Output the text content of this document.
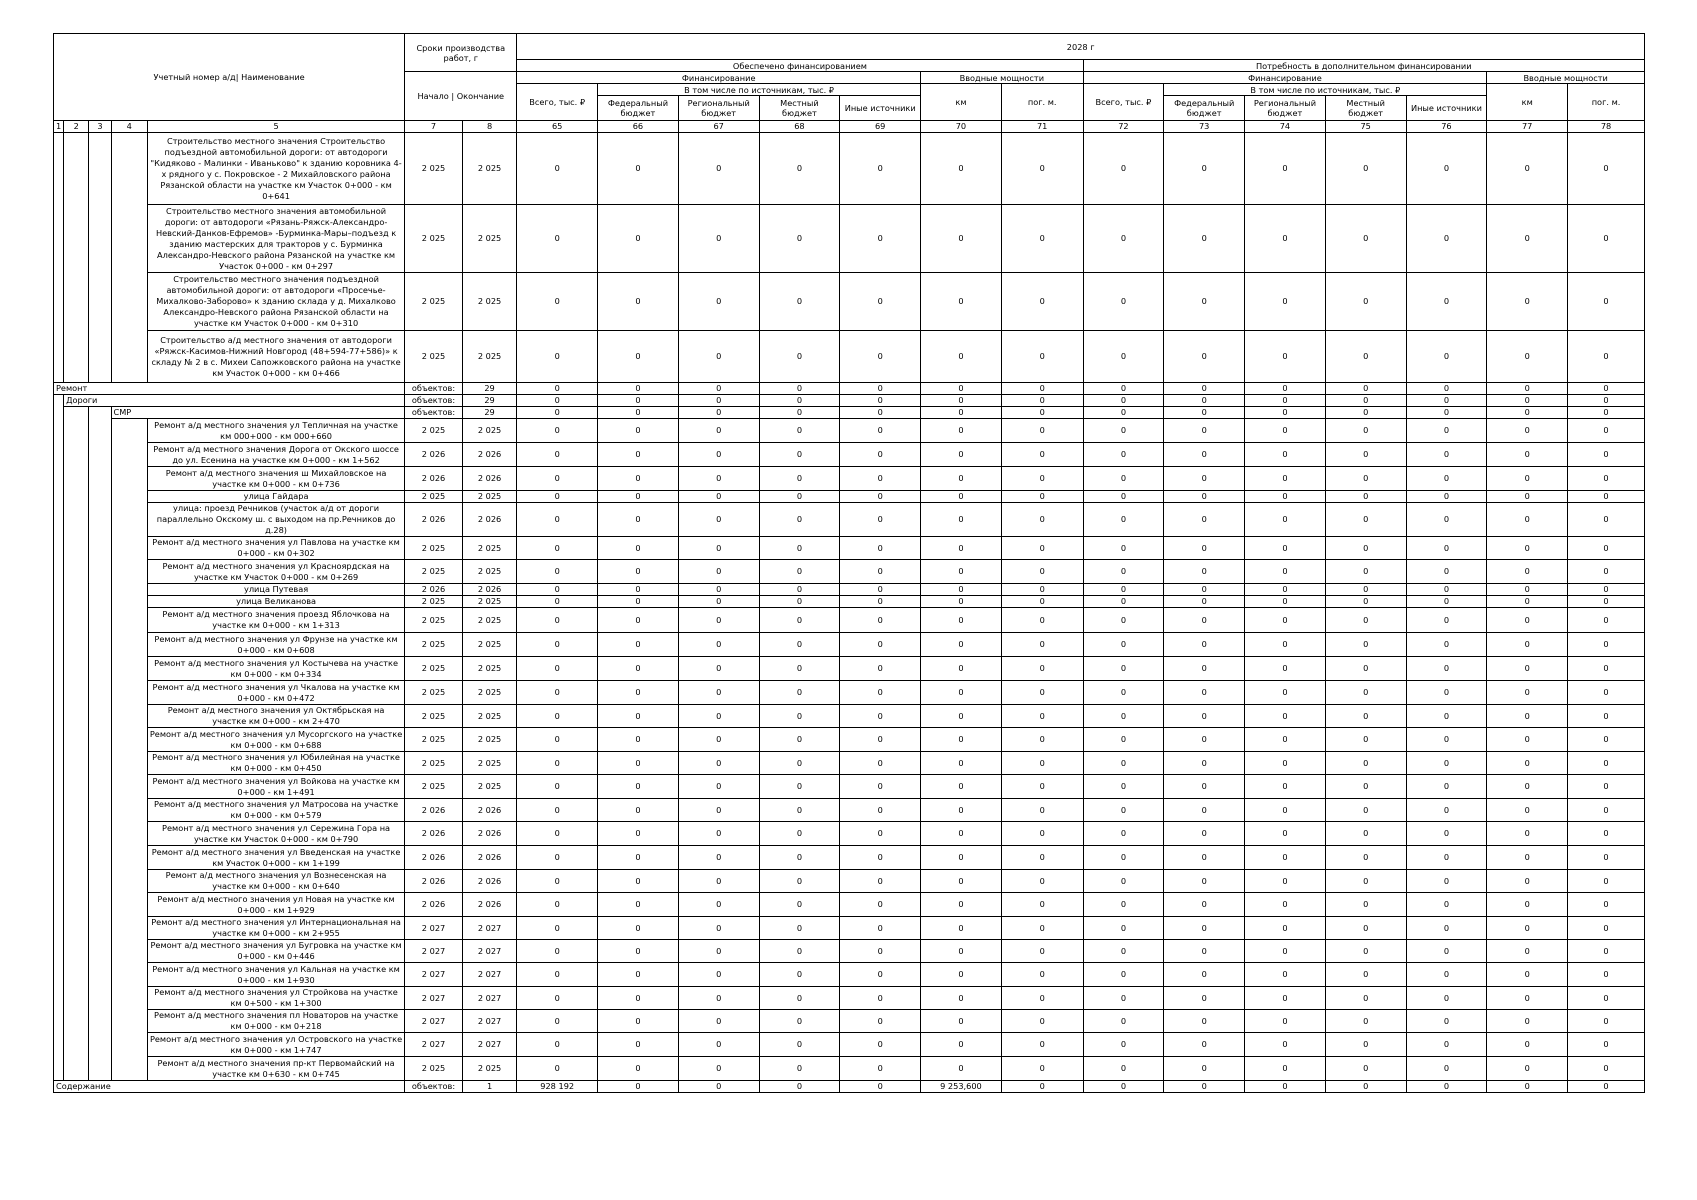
Учетный номер а/д| Наименование					Сроки производства работ, г		2028 г													
							Обеспечено финансированием							Потребность в дополнительном финансировании						
					Начало | Окончание		Финансирование					Вводные мощности		Финансирование					Вводные мощности	
							Всего, тыс. ₽	В том числе по источникам, тыс. ₽				км	пог. м.	Всего, тыс. ₽	В том числе по источникам, тыс. ₽				км	пог. м.
								Федеральный бюджет	Региональный бюджет	Местный бюджет	Иные источники				Федеральный бюджет	Региональный бюджет	Местный бюджет	Иные источники		

1	2	3	4	5	7	8	65	66	67	68	69	70	71	72	73	74	75	76	77	78
				Строительство местного значения Строительство подъездной автомобильной дороги: от автодороги "Кидяково - Малинки - Иваньково" к зданию коровника 4-х рядного у с. Покровское - 2 Михайловского района Рязанской области на участке км Участок 0+000 - км 0+641	2 025	2 025	0	0	0	0	0	0	0	0	0	0	0	0	0	0
				Строительство местного значения автомобильной дороги: от автодороги «Рязань-Ряжск-Александро-Невский-Данков-Ефремов» -Бурминка-Мары–подъезд к зданию мастерских для тракторов у с. Бурминка Александро-Невского района Рязанской на участке км Участок 0+000 - км 0+297	2 025	2 025	0	0	0	0	0	0	0	0	0	0	0	0	0	0
				Строительство местного значения подъездной автомобильной дороги: от автодороги «Просечье-Михалково-Заборово» к зданию склада у д. Михалково Александро-Невского района Рязанской области на участке км Участок 0+000 - км 0+310	2 025	2 025	0	0	0	0	0	0	0	0	0	0	0	0	0	0
				Строительство а/д местного значения от автодороги «Ряжск-Касимов-Нижний Новгород (48+594-77+586)» к складу № 2 в с. Михеи Сапожковского района на участке км Участок 0+000 - км 0+466	2 025	2 025	0	0	0	0	0	0	0	0	0	0	0	0	0	0
Ремонт					объектов:	29	0	0	0	0	0	0	0	0	0	0	0	0	0	0
	Дороги				объектов:	29	0	0	0	0	0	0	0	0	0	0	0	0	0	0
			СМР		объектов:	29	0	0	0	0	0	0	0	0	0	0	0	0	0	0
				Ремонт а/д местного значения ул Тепличная на участке км 000+000 - км 000+660	2 025	2 025	0	0	0	0	0	0	0	0	0	0	0	0	0	0
				Ремонт а/д местного значения Дорога от Окского шоссе до ул. Есенина на участке км 0+000 - км 1+562	2 026	2 026	0	0	0	0	0	0	0	0	0	0	0	0	0	0
				Ремонт а/д местного значения ш Михайловское на участке км 0+000 - км 0+736	2 026	2 026	0	0	0	0	0	0	0	0	0	0	0	0	0	0
				улица Гайдара	2 025	2 025	0	0	0	0	0	0	0	0	0	0	0	0	0	0
				улица: проезд Речников (участок а/д от дороги параллельно Окскому ш. с выходом на пр.Речников до д.28)	2 026	2 026	0	0	0	0	0	0	0	0	0	0	0	0	0	0
				Ремонт а/д местного значения ул Павлова на участке км 0+000 - км 0+302	2 025	2 025	0	0	0	0	0	0	0	0	0	0	0	0	0	0
				Ремонт а/д местного значения ул Красноярдская на участке км Участок 0+000 - км 0+269	2 025	2 025	0	0	0	0	0	0	0	0	0	0	0	0	0	0
				улица Путевая	2 026	2 026	0	0	0	0	0	0	0	0	0	0	0	0	0	0
				улица Великанова	2 025	2 025	0	0	0	0	0	0	0	0	0	0	0	0	0	0
				Ремонт а/д местного значения проезд Яблочкова на участке км 0+000 - км 1+313	2 025	2 025	0	0	0	0	0	0	0	0	0	0	0	0	0	0
				Ремонт а/д местного значения ул Фрунзе на участке км 0+000 - км 0+608	2 025	2 025	0	0	0	0	0	0	0	0	0	0	0	0	0	0
				Ремонт а/д местного значения ул Костычева на участке км 0+000 - км 0+334	2 025	2 025	0	0	0	0	0	0	0	0	0	0	0	0	0	0
				Ремонт а/д местного значения ул Чкалова на участке км 0+000 - км 0+472	2 025	2 025	0	0	0	0	0	0	0	0	0	0	0	0	0	0
				Ремонт а/д местного значения ул Октябрьская на участке км 0+000 - км 2+470	2 025	2 025	0	0	0	0	0	0	0	0	0	0	0	0	0	0
				Ремонт а/д местного значения ул Мусоргского на участке км 0+000 - км 0+688	2 025	2 025	0	0	0	0	0	0	0	0	0	0	0	0	0	0
				Ремонт а/д местного значения ул Юбилейная на участке км 0+000 - км 0+450	2 025	2 025	0	0	0	0	0	0	0	0	0	0	0	0	0	0
				Ремонт а/д местного значения ул Войкова на участке км 0+000 - км 1+491	2 025	2 025	0	0	0	0	0	0	0	0	0	0	0	0	0	0
				Ремонт а/д местного значения ул Матросова на участке км 0+000 - км 0+579	2 026	2 026	0	0	0	0	0	0	0	0	0	0	0	0	0	0
				Ремонт а/д местного значения ул Сережина Гора на участке км Участок 0+000 - км 0+790	2 026	2 026	0	0	0	0	0	0	0	0	0	0	0	0	0	0
				Ремонт а/д местного значения ул Введенская на участке км Участок 0+000 - км 1+199	2 026	2 026	0	0	0	0	0	0	0	0	0	0	0	0	0	0
				Ремонт а/д местного значения ул Вознесенская на участке км 0+000 - км 0+640	2 026	2 026	0	0	0	0	0	0	0	0	0	0	0	0	0	0
				Ремонт а/д местного значения ул Новая на участке км 0+000 - км 1+929	2 026	2 026	0	0	0	0	0	0	0	0	0	0	0	0	0	0
				Ремонт а/д местного значения ул Интернациональная на участке км 0+000 - км 2+955	2 027	2 027	0	0	0	0	0	0	0	0	0	0	0	0	0	0
				Ремонт а/д местного значения ул Бугровка на участке км 0+000 - км 0+446	2 027	2 027	0	0	0	0	0	0	0	0	0	0	0	0	0	0
				Ремонт а/д местного значения ул Кальная на участке км 0+000 - км 1+930	2 027	2 027	0	0	0	0	0	0	0	0	0	0	0	0	0	0
				Ремонт а/д местного значения ул Стройкова на участке км 0+500 - км 1+300	2 027	2 027	0	0	0	0	0	0	0	0	0	0	0	0	0	0
				Ремонт а/д местного значения пл Новаторов на участке км 0+000 - км 0+218	2 027	2 027	0	0	0	0	0	0	0	0	0	0	0	0	0	0
				Ремонт а/д местного значения ул Островского на участке км 0+000 - км 1+747	2 027	2 027	0	0	0	0	0	0	0	0	0	0	0	0	0	0
				Ремонт а/д местного значения пр-кт Первомайский на участке км 0+630 - км 0+745	2 025	2 025	0	0	0	0	0	0	0	0	0	0	0	0	0	0
Содержание					объектов:	1	928 192	0	0	0	0	9 253,600	0	0	0	0	0	0	0	0
